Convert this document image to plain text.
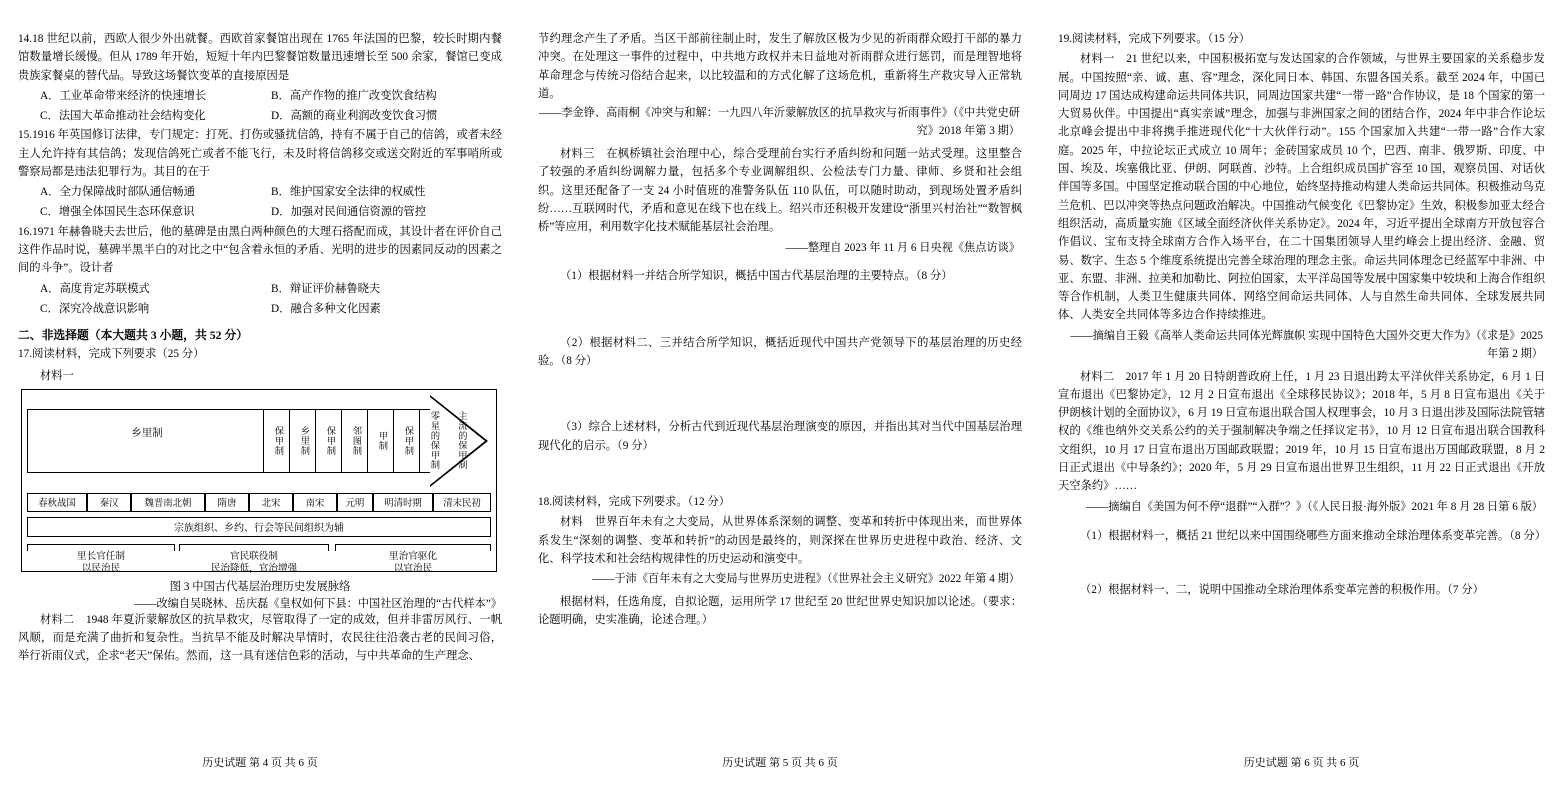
14.18 世纪以前，西欧人很少外出就餐。西欧首家餐馆出现在 1765 年法国的巴黎，较长时期内餐馆数量增长缓慢。但从 1789 年开始，短短十年内巴黎餐馆数量迅速增长至 500 余家，餐馆已变成贵族家餐桌的替代品。导致这场餐饮变革的直接原因是
A．工业革命带来经济的快速增长	B．高产作物的推广改变饮食结构
C．法国大革命推动社会结构变化	D．高额的商业利润改变饮食习惯
15.1916 年英国修订法律，专门规定：打死、打伤或骚扰信鸽，持有不属于自己的信鸽，或者未经主人允许持有其信鸽；发现信鸽死亡或者不能飞行，未及时将信鸽移交或送交附近的军事哨所或警察局都是违法犯罪行为。其目的在于
A．全力保障战时部队通信畅通	B．维护国家安全法律的权威性
C．增强全体国民生态环保意识	D．加强对民间通信资源的管控
16.1971 年赫鲁晓夫去世后，他的墓碑是由黑白两种颜色的大理石搭配而成，其设计者在评价自己这件作品时说，墓碑半黑半白的对比之中“包含着永恒的矛盾、光明的进步的因素同反动的因素之间的斗争”。设计者
A．高度肯定苏联模式	B．辩证评价赫鲁晓夫
C．深究冷战意识影响	D．融合多种文化因素
二、非选择题（本大题共 3 小题，共 52 分）
17.阅读材料，完成下列要求（25 分）
材料一
乡里制	保甲制 乡里制 保甲制 邻图制 甲制 保甲制 零星的保甲制 主流的保甲制
春秋战国	秦汉	魏晋南北朝	隋唐	北宋	南宋	元明	明清时期	清末民初
宗族组织、乡约、行会等民间组织为辅
里长官任制
以民治民
官民联役制
民治降低，官治增强
里治官驱化
以官治民
图 3 中国古代基层治理历史发展脉络
——改编自吴晓林、岳庆磊《皇权如何下县：中国社区治理的“古代样本”》
材料二　 1948 年夏沂蒙解放区的抗旱救灾，尽管取得了一定的成效，但并非雷厉风行、一帆风顺，而是充满了曲折和复杂性。当抗旱不能及时解决旱情时，农民往往沿袭古老的民间习俗，举行祈雨仪式，企求“老天”保佑。然而，这一具有迷信色彩的活动，与中共革命的生产理念、
历史试题 第 4 页 共 6 页
节约理念产生了矛盾。当区干部前往制止时，发生了解放区极为少见的祈雨群众殴打干部的暴力冲突。在处理这一事件的过程中，中共地方政权并未日益地对祈雨群众进行惩罚，而是理智地将革命理念与传统习俗结合起来，以比较温和的方式化解了这场危机，重新将生产救灾导入正常轨道。
——李金铮、高雨桐《冲突与和解：一九四八年沂蒙解放区的抗旱救灾与祈雨事件》（《中共党史研究》2018 年第 3 期）
材料三　 在枫桥镇社会治理中心，综合受理前台实行矛盾纠纷和问题一站式受理。这里整合了较强的矛盾纠纷调解力量，包括多个专业调解组织、公检法专门力量、律师、乡贤和社会组织。这里还配备了一支 24 小时值班的准警务队伍 110 队伍，可以随时助动，到现场处置矛盾纠纷……互联网时代，矛盾和意见在线下也在线上。绍兴市还积极开发建设“浙里兴村治社”“数智枫桥”等应用，利用数字化技术赋能基层社会治理。
——整理自 2023 年 11 月 6 日央视《焦点访谈》
（1）根据材料一并结合所学知识，概括中国古代基层治理的主要特点。（8 分）
（2）根据材料二、三并结合所学知识，概括近现代中国共产党领导下的基层治理的历史经验。（8 分）
（3）综合上述材料，分析古代到近现代基层治理演变的原因，并指出其对当代中国基层治理现代化的启示。（9 分）
18.阅读材料，完成下列要求。（12 分）
材料　 世界百年未有之大变局，从世界体系深刻的调整、变革和转折中体现出来，而世界体系发生“深刻的调整、变革和转折”的动因是最终的，则深探在世界历史进程中政治、经济、文化、科学技术和社会结构规律性的历史运动和演变中。
——于沛《百年未有之大变局与世界历史进程》（《世界社会主义研究》2022 年第 4 期）
根据材料，任选角度，自拟论题，运用所学 17 世纪至 20 世纪世界史知识加以论述。（要求：论题明确，史实准确，论述合理。）
历史试题 第 5 页 共 6 页
19.阅读材料，完成下列要求。（15 分）
材料一　 21 世纪以来，中国积极拓宽与发达国家的合作领域，与世界主要国家的关系稳步发展。中国按照“亲、诚、惠、容”理念，深化同日本、韩国、东盟各国关系。截至 2024 年，中国已同周边 17 国达成构建命运共同体共识，同周边国家共建“一带一路”合作协议，是 18 个国家的第一大贸易伙伴。中国提出“真实亲诚”理念，加强与非洲国家之间的团结合作，2024 年中非合作论坛北京峰会提出中非将携手推进现代化“十大伙伴行动”。155 个国家加入共建“一带一路”合作大家庭。2025 年，中拉论坛正式成立 10 周年；金砖国家成员 10 个，巴西、南非、俄罗斯、印度、中国、埃及、埃塞俄比亚、伊朗、阿联酋、沙特。上合组织成员国扩容至 10 国，观察员国、对话伙伴国等多国。中国坚定推动联合国的中心地位，始终坚持推动构建人类命运共同体。积极推动鸟克兰危机、巴以冲突等热点问题政治解决。中国推动气候变化《巴黎协定》生效，积极参加亚太经合组织活动，高质量实施《区域全面经济伙伴关系协定》。2024 年，习近平提出全球南方开放包容合作倡议、宝布支持全球南方合作入场平台，在二十国集团领导人里约峰会上提出经济、金融、贸易、数字、生态 5 个维度系统提出完善全球治理的理念主张。命运共同体理念已经蓝军中非洲、中亚、东盟、非洲、拉美和加勒比、阿拉伯国家，太平洋岛国等发展中国家集中较块和上海合作组织等合作机制，人类卫生健康共同体、网络空间命运共同体、人与自然生命共同体、全球发展共同体、人类安全共同体等多边合作持续推进。
——摘编自王毅《高举人类命运共同体光辉旗帜 实现中国特色大国外交更大作为》（《求是》2025 年第 2 期）
材料二　 2017 年 1 月 20 日特朗普政府上任，1 月 23 日退出跨太平洋伙伴关系协定，6 月 1 日宣布退出《巴黎协定》，12 月 2 日宣布退出《全球移民协议》；2018 年，5 月 8 日宣布退出《关于伊朗核计划的全面协议》，6 月 19 日宣布退出联合国人权理事会，10 月 3 日退出涉及国际法院管辖权的《维也纳外交关系公约的关于强制解决争端之任择议定书》，10 月 12 日宣布退出联合国教科文组织，10 月 17 日宣布退出万国邮政联盟；2019 年，10 月 15 日宣布退出万国邮政联盟，8 月 2 日正式退出《中导条约》；2020 年，5 月 29 日宣布退出世界卫生组织，11 月 22 日正式退出《开放天空条约》……
——摘编自《美国为何不停“退群”“入群”？》（《人民日报·海外版》2021 年 8 月 28 日第 6 版）
（1）根据材料一，概括 21 世纪以来中国围绕哪些方面来推动全球治理体系变革完善。（8 分）
（2）根据材料一、二，说明中国推动全球治理体系变革完善的积极作用。（7 分）
历史试题 第 6 页 共 6 页
